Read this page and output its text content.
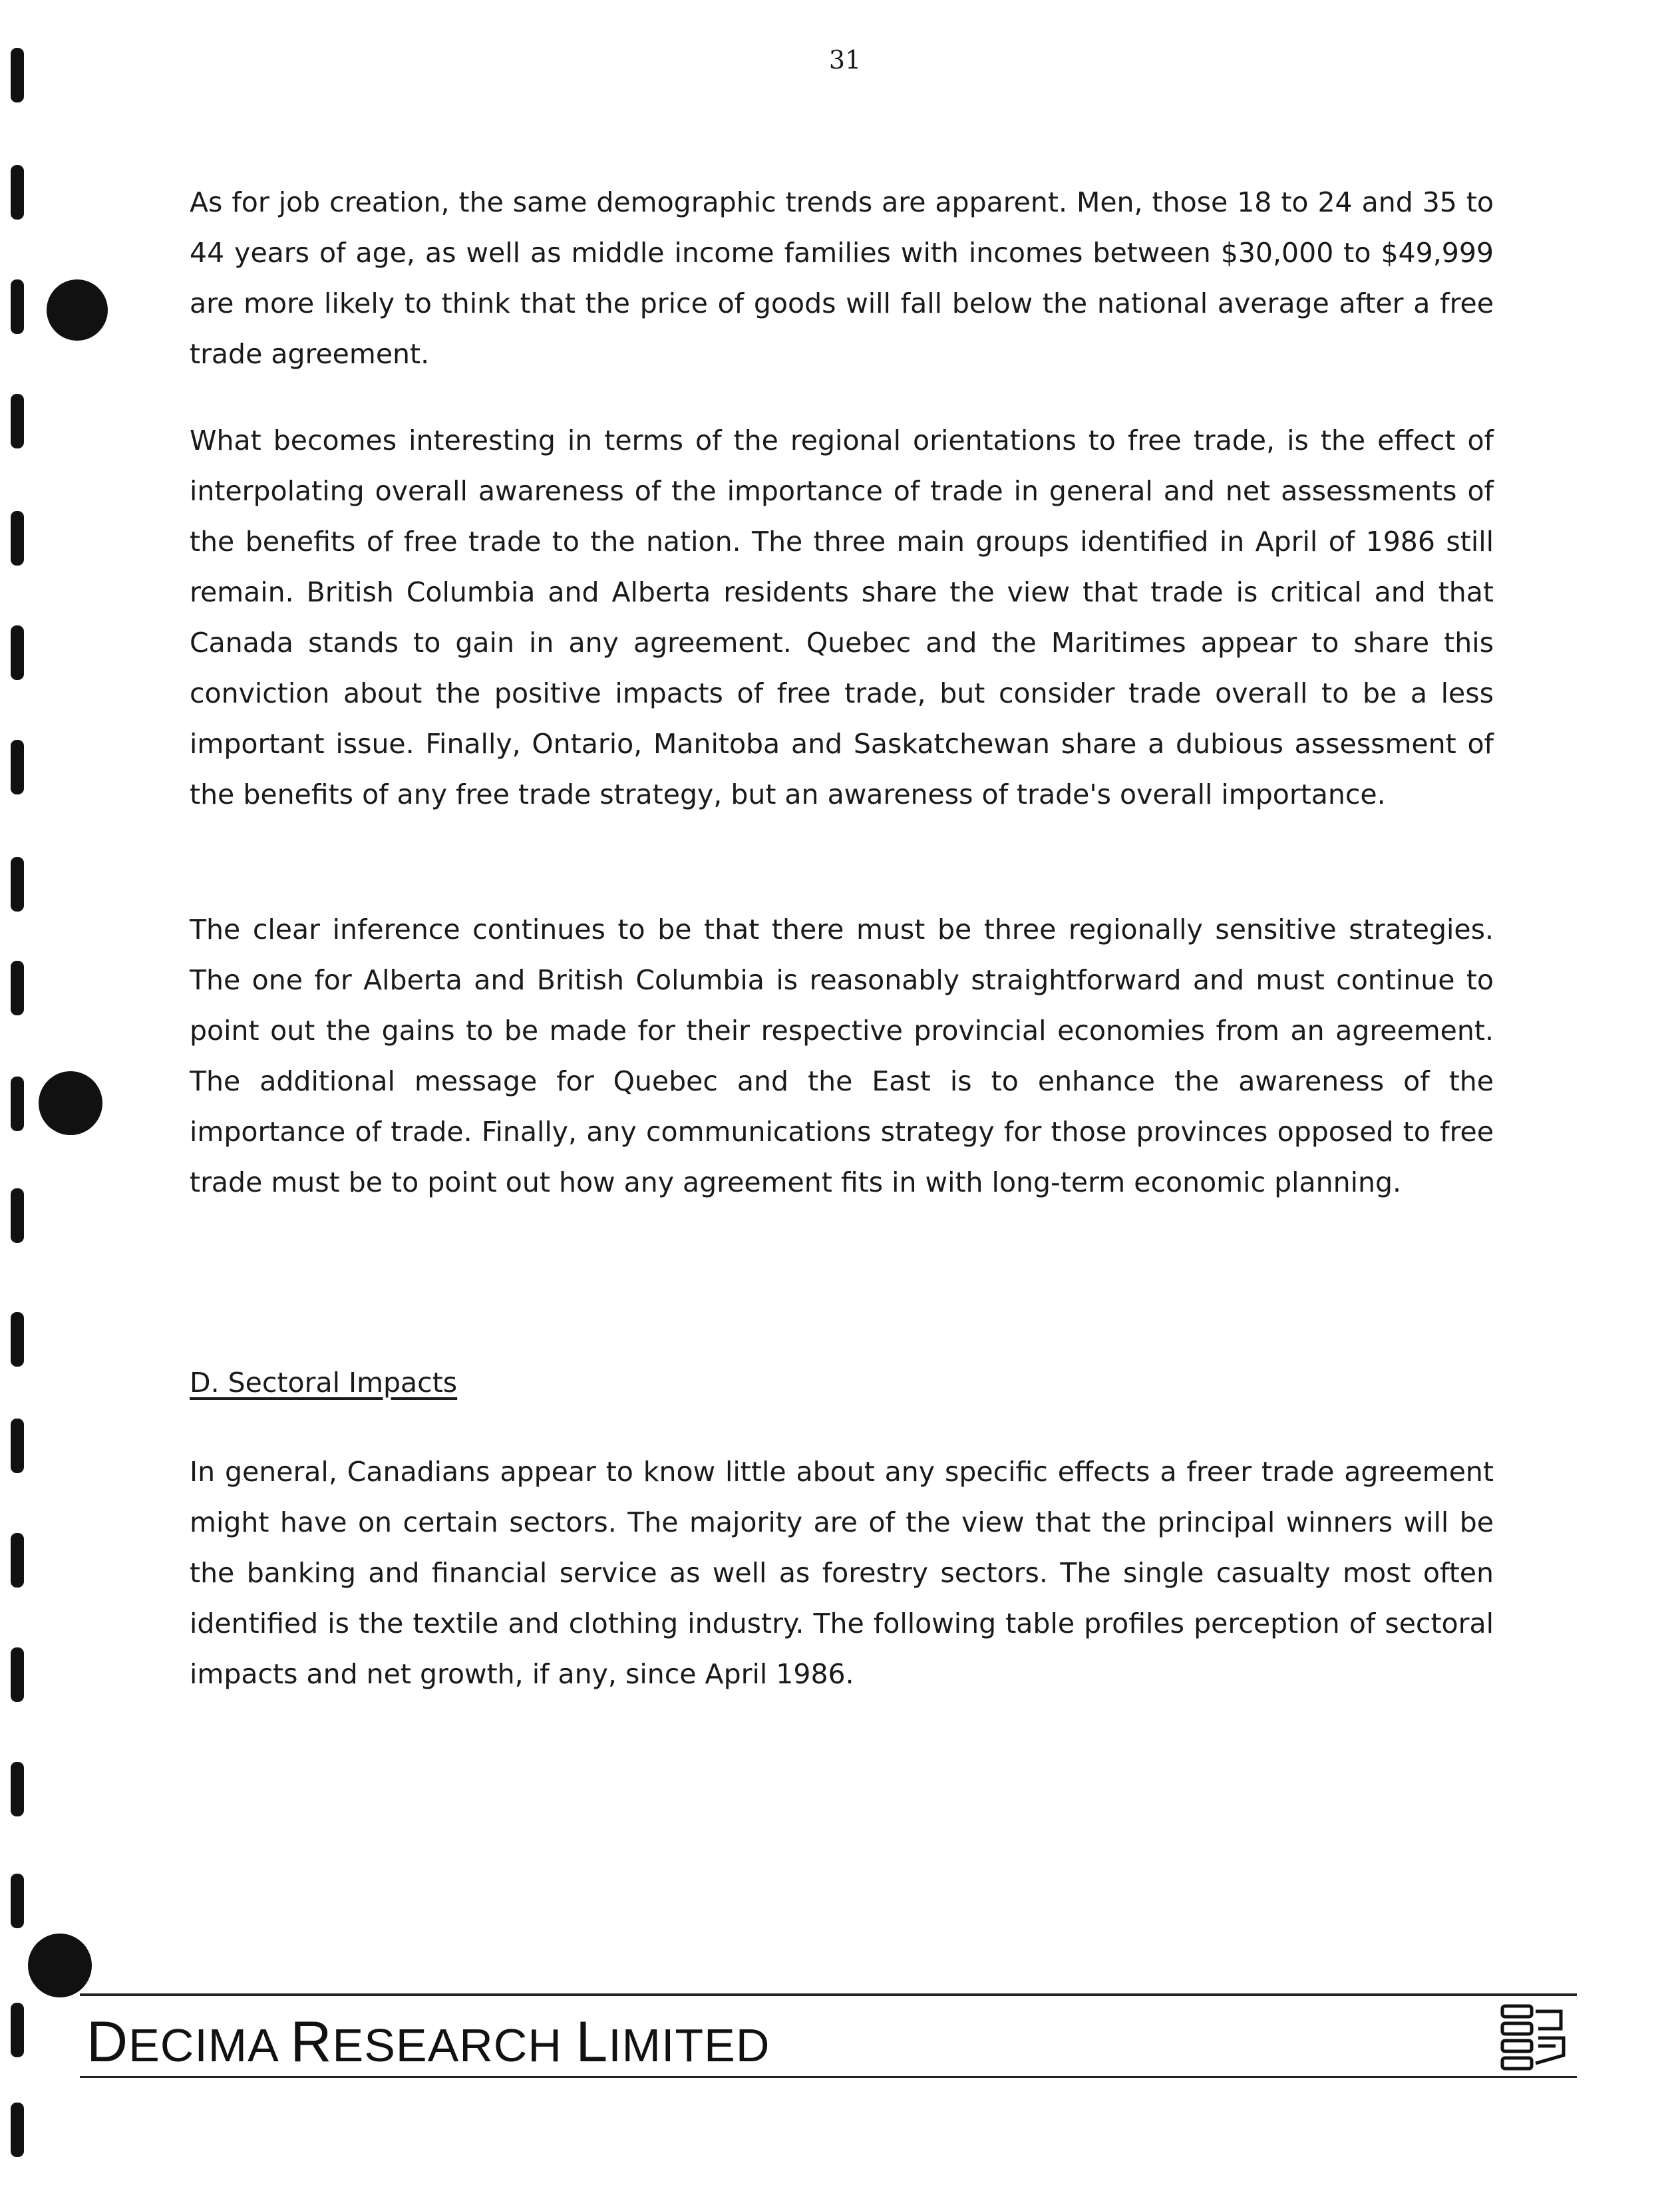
31

As for job creation, the same demographic trends are apparent. Men, those 18 to 24 and 35 to 44 years of age, as well as middle income families with incomes between $30,000 to $49,999 are more likely to think that the price of goods will fall below the national average after a free trade agreement.

What becomes interesting in terms of the regional orientations to free trade, is the effect of interpolating overall awareness of the importance of trade in general and net assessments of the benefits of free trade to the nation. The three main groups identified in April of 1986 still remain. British Columbia and Alberta residents share the view that trade is critical and that Canada stands to gain in any agreement. Quebec and the Maritimes appear to share this conviction about the positive impacts of free trade, but consider trade overall to be a less important issue. Finally, Ontario, Manitoba and Saskatchewan share a dubious assessment of the benefits of any free trade strategy, but an awareness of trade's overall importance.

The clear inference continues to be that there must be three regionally sensitive strategies. The one for Alberta and British Columbia is reasonably straightforward and must continue to point out the gains to be made for their respective provincial economies from an agreement. The additional message for Quebec and the East is to enhance the awareness of the importance of trade. Finally, any communications strategy for those provinces opposed to free trade must be to point out how any agreement fits in with long-term economic planning.

D. Sectoral Impacts

In general, Canadians appear to know little about any specific effects a freer trade agreement might have on certain sectors. The majority are of the view that the principal winners will be the banking and financial service as well as forestry sectors. The single casualty most often identified is the textile and clothing industry. The following table profiles perception of sectoral impacts and net growth, if any, since April 1986.

DECIMA RESEARCH LIMITED
